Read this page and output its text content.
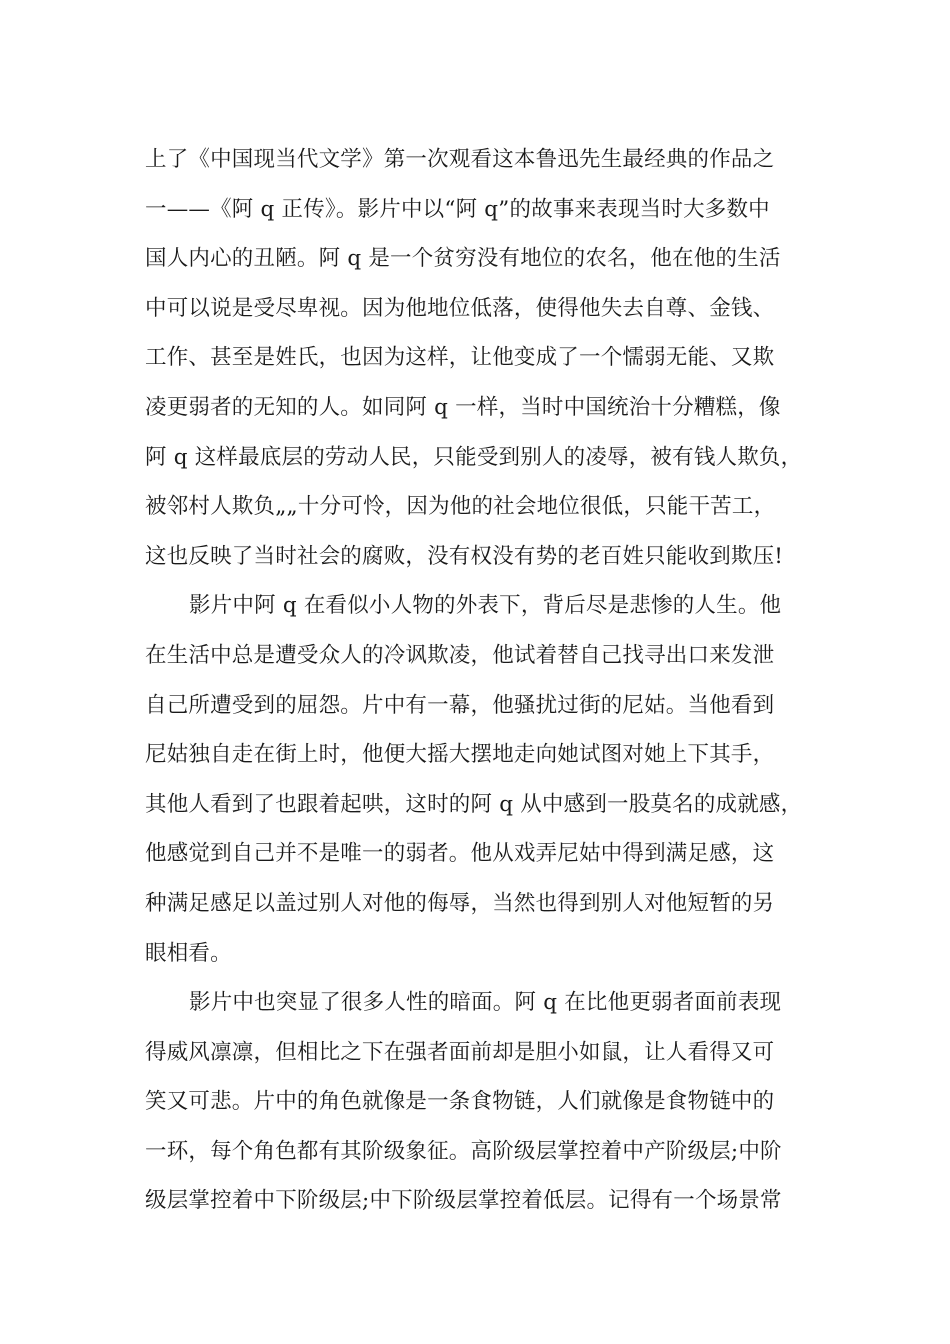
上了《中国现当代文学》第一次观看这本鲁迅先生最经典的作品之
一——《阿 q 正传》。影片中以“阿 q”的故事来表现当时大多数中
国人内心的丑陋。阿 q 是一个贫穷没有地位的农名，他在他的生活
中可以说是受尽卑视。因为他地位低落，使得他失去自尊、金钱、
工作、甚至是姓氏，也因为这样，让他变成了一个懦弱无能、又欺
凌更弱者的无知的人。如同阿 q 一样，当时中国统治十分糟糕，像
阿 q 这样最底层的劳动人民，只能受到别人的凌辱，被有钱人欺负，
被邻村人欺负„„十分可怜，因为他的社会地位很低，只能干苦工，
这也反映了当时社会的腐败，没有权没有势的老百姓只能收到欺压!
影片中阿 q 在看似小人物的外表下，背后尽是悲惨的人生。他
在生活中总是遭受众人的冷讽欺凌，他试着替自己找寻出口来发泄
自己所遭受到的屈怨。片中有一幕，他骚扰过街的尼姑。当他看到
尼姑独自走在街上时，他便大摇大摆地走向她试图对她上下其手，
其他人看到了也跟着起哄，这时的阿 q 从中感到一股莫名的成就感，
他感觉到自己并不是唯一的弱者。他从戏弄尼姑中得到满足感，这
种满足感足以盖过别人对他的侮辱，当然也得到别人对他短暂的另
眼相看。
影片中也突显了很多人性的暗面。阿 q 在比他更弱者面前表现
得威风凛凛，但相比之下在强者面前却是胆小如鼠，让人看得又可
笑又可悲。片中的角色就像是一条食物链，人们就像是食物链中的
一环，每个角色都有其阶级象征。高阶级层掌控着中产阶级层;中阶
级层掌控着中下阶级层;中下阶级层掌控着低层。记得有一个场景常
